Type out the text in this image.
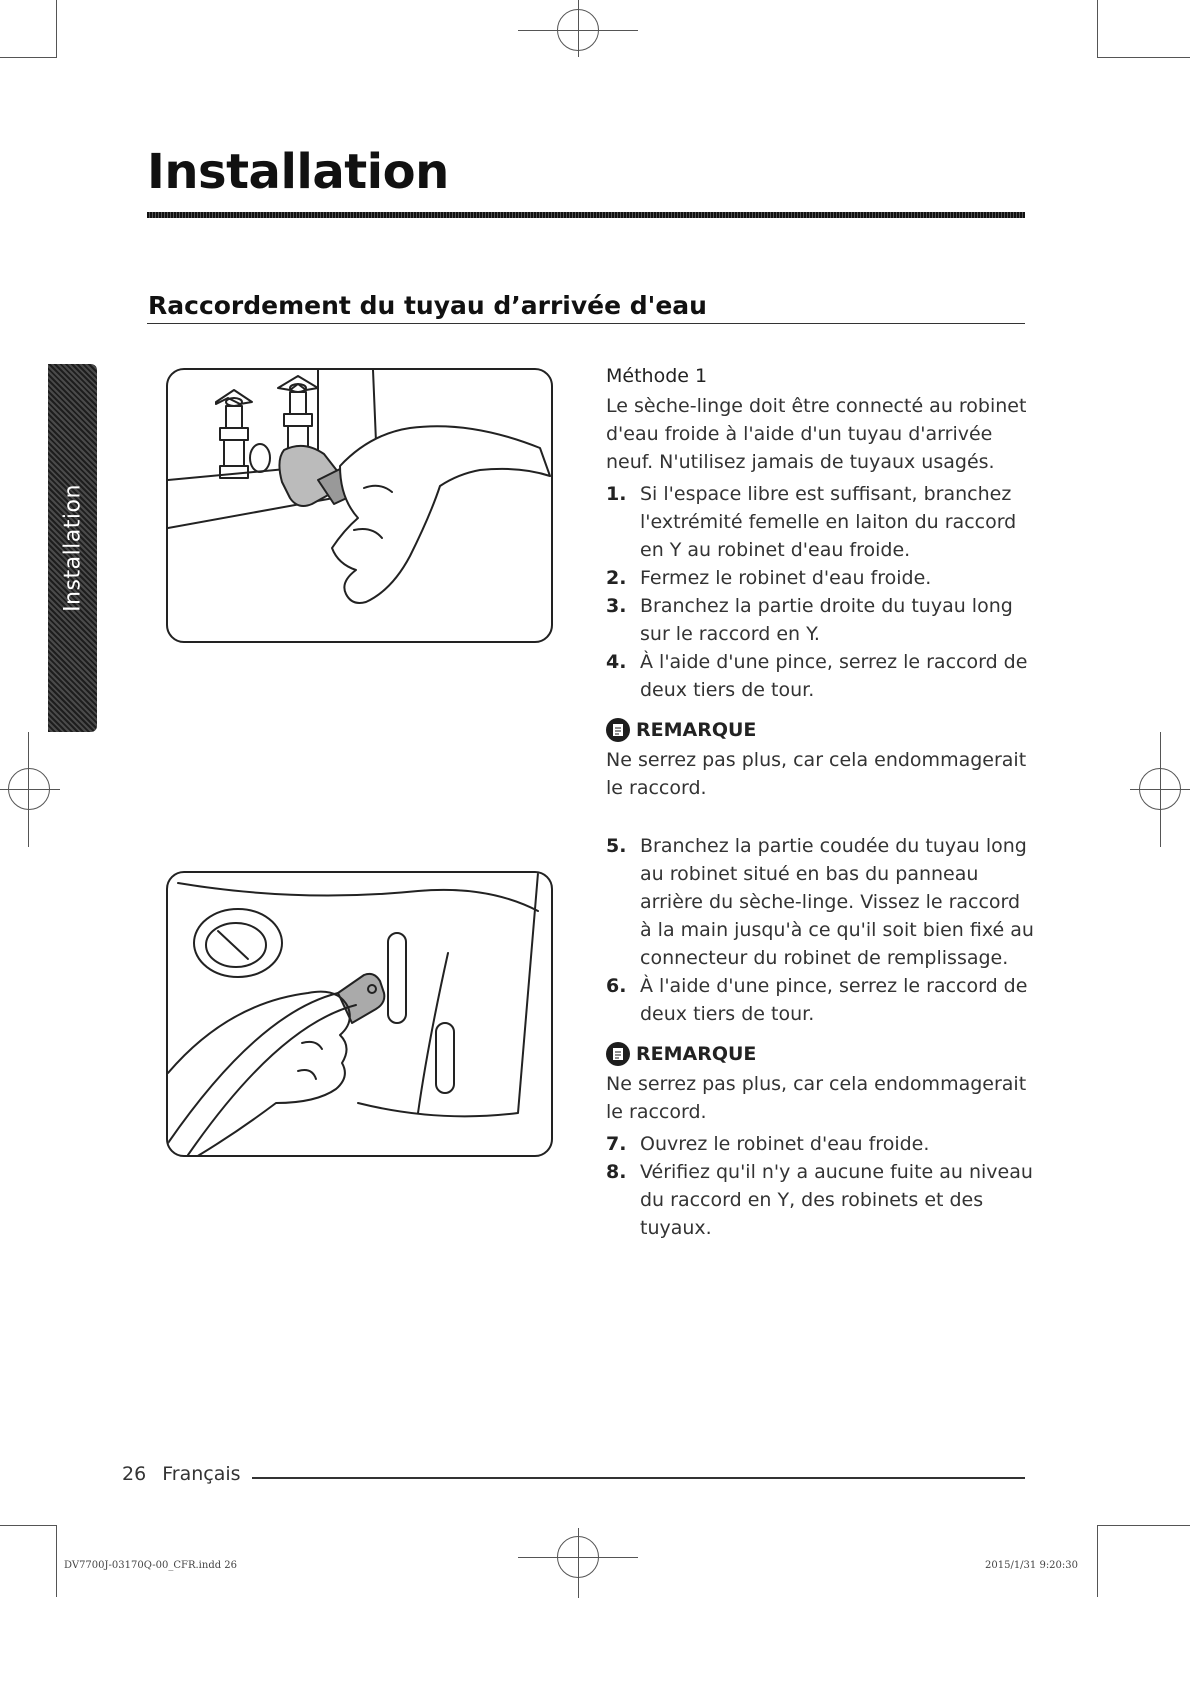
Installation
Raccordement du tuyau d’arrivée d'eau
Installation

Méthode 1

Le sèche-linge doit être connecté au robinet d'eau froide à l'aide d'un tuyau d'arrivée neuf. N'utilisez jamais de tuyaux usagés.

1. Si l'espace libre est suffisant, branchez l'extrémité femelle en laiton du raccord en Y au robinet d'eau froide.

2. Fermez le robinet d'eau froide.

3. Branchez la partie droite du tuyau long sur le raccord en Y.

4. À l'aide d'une pince, serrez le raccord de deux tiers de tour.

REMARQUE

Ne serrez pas plus, car cela endommagerait le raccord.

5. Branchez la partie coudée du tuyau long au robinet situé en bas du panneau arrière du sèche-linge. Vissez le raccord à la main jusqu'à ce qu'il soit bien fixé au connecteur du robinet de remplissage.

6. À l'aide d'une pince, serrez le raccord de deux tiers de tour.

REMARQUE

Ne serrez pas plus, car cela endommagerait le raccord.

7. Ouvrez le robinet d'eau froide.

8. Vérifiez qu'il n'y a aucune fuite au niveau du raccord en Y, des robinets et des tuyaux.

26 Français
DV7700J-03170Q-00_CFR.indd 26	2015/1/31 9:20:30
